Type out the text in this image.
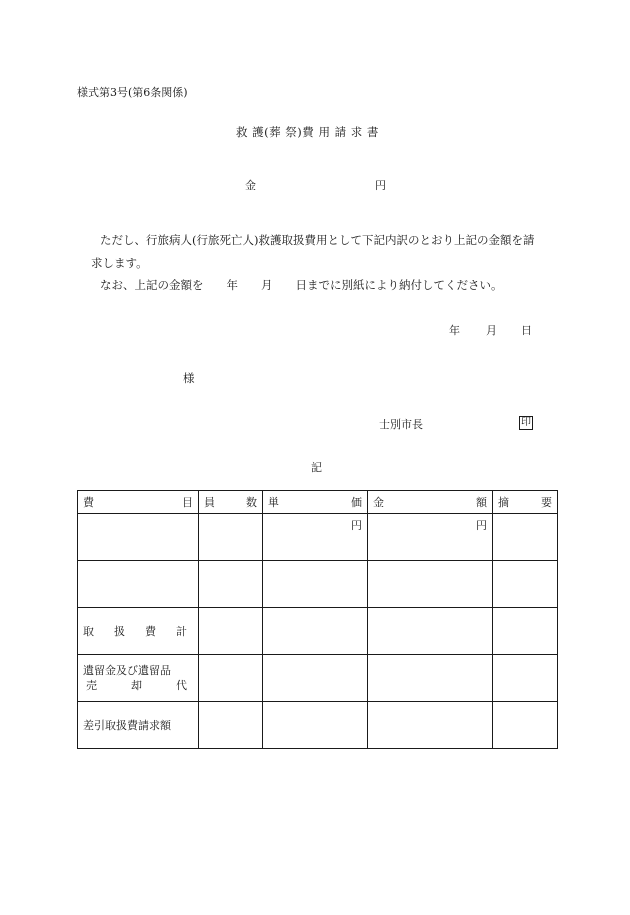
様式第3号(第6条関係)
救 護(葬 祭)費 用 請 求 書
金	円
ただし、行旅病人(行旅死亡人)救護取扱費用として下記内訳のとおり上記の金額を請
求します。
なお、上記の金額を　　年　　月　　日までに別紙により納付してください。
年 月 日
様
士別市長	印
記
費 目	員 数	単 価	金 額	摘 要

		円	円	

取 扱 費 計				

遺留金及び遺留品
売 却 代				

差引取扱費請求額				
